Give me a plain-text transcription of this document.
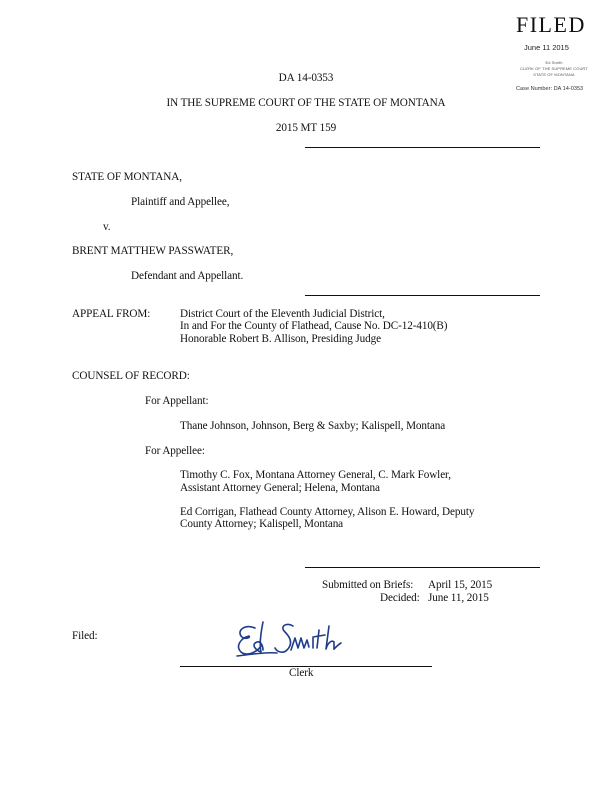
FILED
June 11 2015
Ed Smith
CLERK OF THE SUPREME COURT
STATE OF MONTANA
Case Number: DA 14-0353
DA 14-0353
IN THE SUPREME COURT OF THE STATE OF MONTANA
2015 MT 159
STATE OF MONTANA,
Plaintiff and Appellee,
v.
BRENT MATTHEW PASSWATER,
Defendant and Appellant.
APPEAL FROM:	District Court of the Eleventh Judicial District,
In and For the County of Flathead, Cause No. DC-12-410(B)
Honorable Robert B. Allison, Presiding Judge
COUNSEL OF RECORD:
For Appellant:
Thane Johnson, Johnson, Berg & Saxby; Kalispell, Montana
For Appellee:
Timothy C. Fox, Montana Attorney General, C. Mark Fowler,
Assistant Attorney General; Helena, Montana
Ed Corrigan, Flathead County Attorney, Alison E. Howard, Deputy
County Attorney; Kalispell, Montana
Submitted on Briefs: April 15, 2015
Decided: June 11, 2015
Filed:
Clerk
